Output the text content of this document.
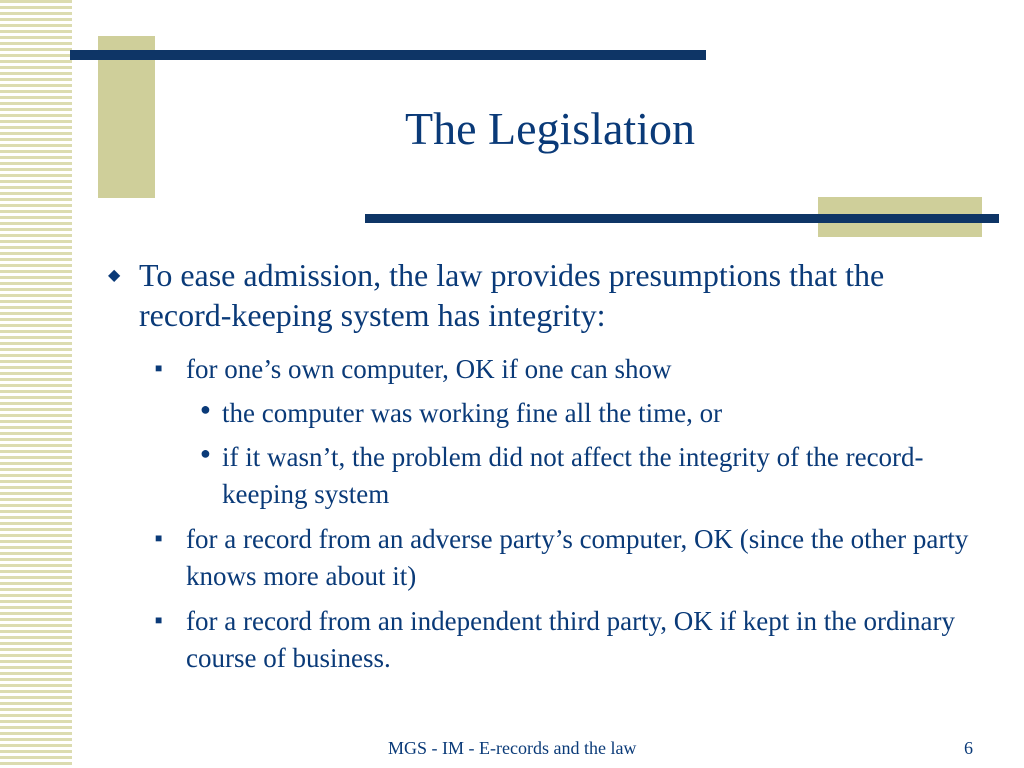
The Legislation
◆ To ease admission, the law provides presumptions that the record-keeping system has integrity:
■ for one’s own computer, OK if one can show
● the computer was working fine all the time, or
● if it wasn’t, the problem did not affect the integrity of the record-keeping system
■ for a record from an adverse party’s computer, OK (since the other party knows more about it)
■ for a record from an independent third party, OK if kept in the ordinary course of business.
MGS - IM - E-records and the law	6
